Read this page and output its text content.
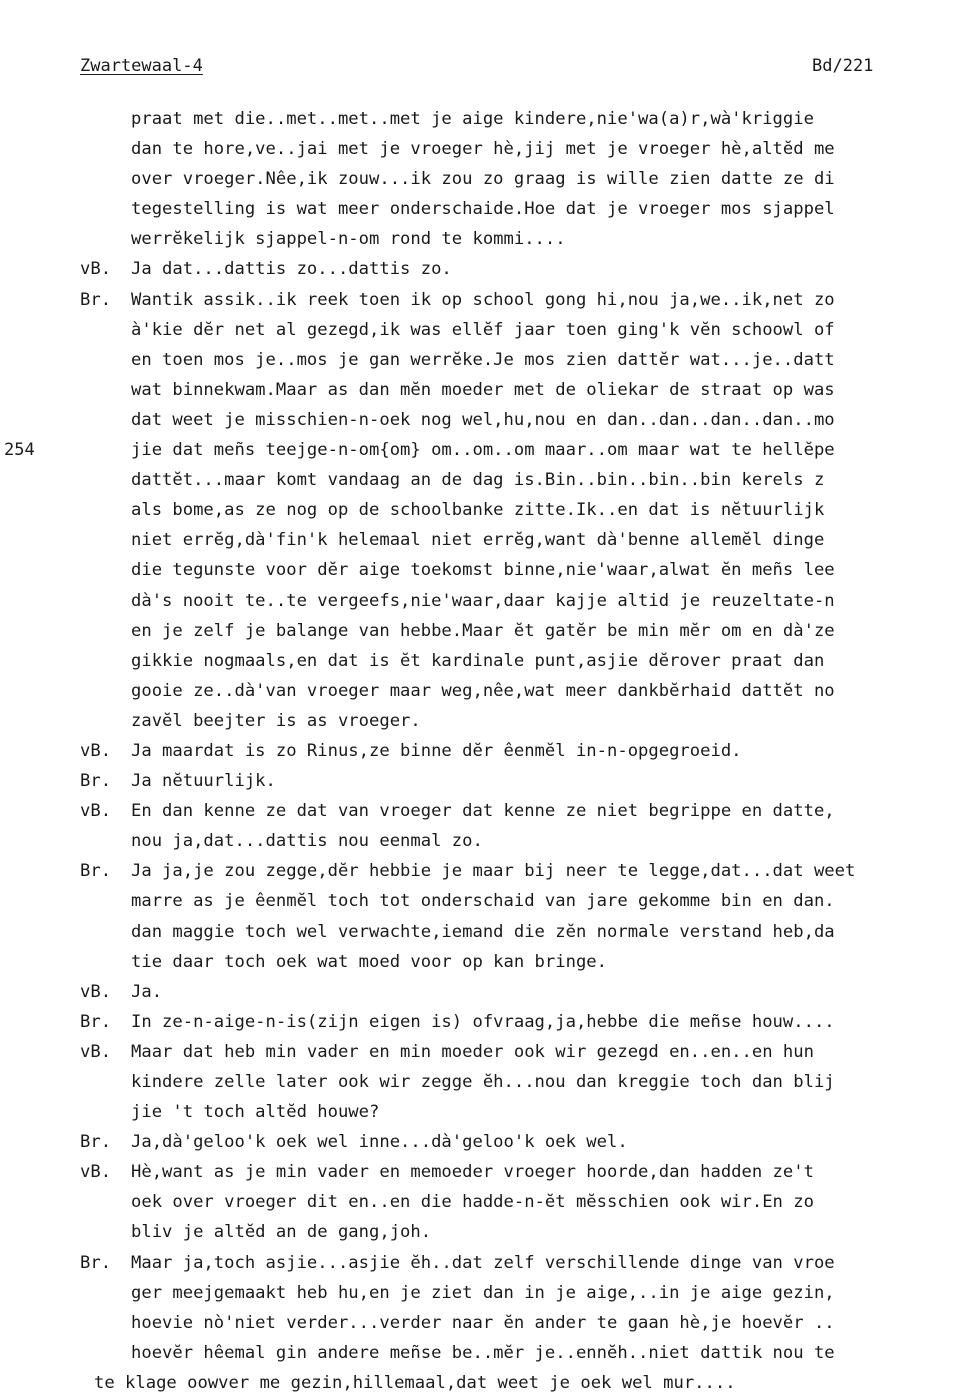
Zwartewaal-4	Bd/221
254
praat met die..met..met..met je aige kindere,nie'wa(a)r,wà'kriggie
dan te hore,ve..jai met je vroeger hè,jij met je vroeger hè,altĕd me
over vroeger.Nêe,ik zouw...ik zou zo graag is wille zien datte ze di
tegestelling is wat meer onderschaide.Hoe dat je vroeger mos sjappel
werrĕkelijk sjappel-n-om rond te kommi....
vB. Ja dat...dattis zo...dattis zo.
Br. Wantik assik..ik reek toen ik op school gong hi,nou ja,we..ik,net zo
à'kie dĕr net al gezegd,ik was ellĕf jaar toen ging'k vĕn schoowl of
en toen mos je..mos je gan werrĕke.Je mos zien dattĕr wat...je..datt
wat binnekwam.Maar as dan mĕn moeder met de oliekar de straat op was
dat weet je misschien-n-oek nog wel,hu,nou en dan..dan..dan..dan..mo
jie dat meñs teejge-n-om{om} om..om..om maar..om maar wat te hellĕpe
dattĕt...maar komt vandaag an de dag is.Bin..bin..bin..bin kerels z
als bome,as ze nog op de schoolbanke zitte.Ik..en dat is nĕtuurlijk
niet errĕg,dà'fin'k helemaal niet errĕg,want dà'benne allemĕl dinge
die tegunste voor dĕr aige toekomst binne,nie'waar,alwat ĕn meñs lee
dà's nooit te..te vergeefs,nie'waar,daar kajje altid je reuzeltate-n
en je zelf je balange van hebbe.Maar ĕt gatĕr be min mĕr om en dà'ze
gikkie nogmaals,en dat is ĕt kardinale punt,asjie dĕrover praat dan
gooie ze..dà'van vroeger maar weg,nêe,wat meer dankbĕrhaid dattĕt no
zavĕl beejter is as vroeger.
vB. Ja maardat is zo Rinus,ze binne dĕr êenmĕl in-n-opgegroeid.
Br. Ja nĕtuurlijk.
vB. En dan kenne ze dat van vroeger dat kenne ze niet begrippe en datte,
nou ja,dat...dattis nou eenmal zo.
Br. Ja ja,je zou zegge,dĕr hebbie je maar bij neer te legge,dat...dat weet
marre as je êenmĕl toch tot onderschaid van jare gekomme bin en dan.
dan maggie toch wel verwachte,iemand die zĕn normale verstand heb,da
tie daar toch oek wat moed voor op kan bringe.
vB. Ja.
Br. In ze-n-aige-n-is(zijn eigen is) ofvraag,ja,hebbe die meñse houw....
vB. Maar dat heb min vader en min moeder ook wir gezegd en..en..en hun
kindere zelle later ook wir zegge ĕh...nou dan kreggie toch dan blij
jie 't toch altĕd houwe?
Br. Ja,dà'geloo'k oek wel inne...dà'geloo'k oek wel.
vB. Hè,want as je min vader en memoeder vroeger hoorde,dan hadden ze't
oek over vroeger dit en..en die hadde-n-ĕt mĕsschien ook wir.En zo
bliv je altĕd an de gang,joh.
Br. Maar ja,toch asjie...asjie ĕh..dat zelf verschillende dinge van vroe
ger meejgemaakt heb hu,en je ziet dan in je aige,..in je aige gezin,
hoevie nò'niet verder...verder naar ĕn ander te gaan hè,je hoevĕr ..
hoevĕr hêemal gin andere meñse be..mĕr je..ennĕh..niet dattik nou te
te klage oowver me gezin,hillemaal,dat weet je oek wel mur....
